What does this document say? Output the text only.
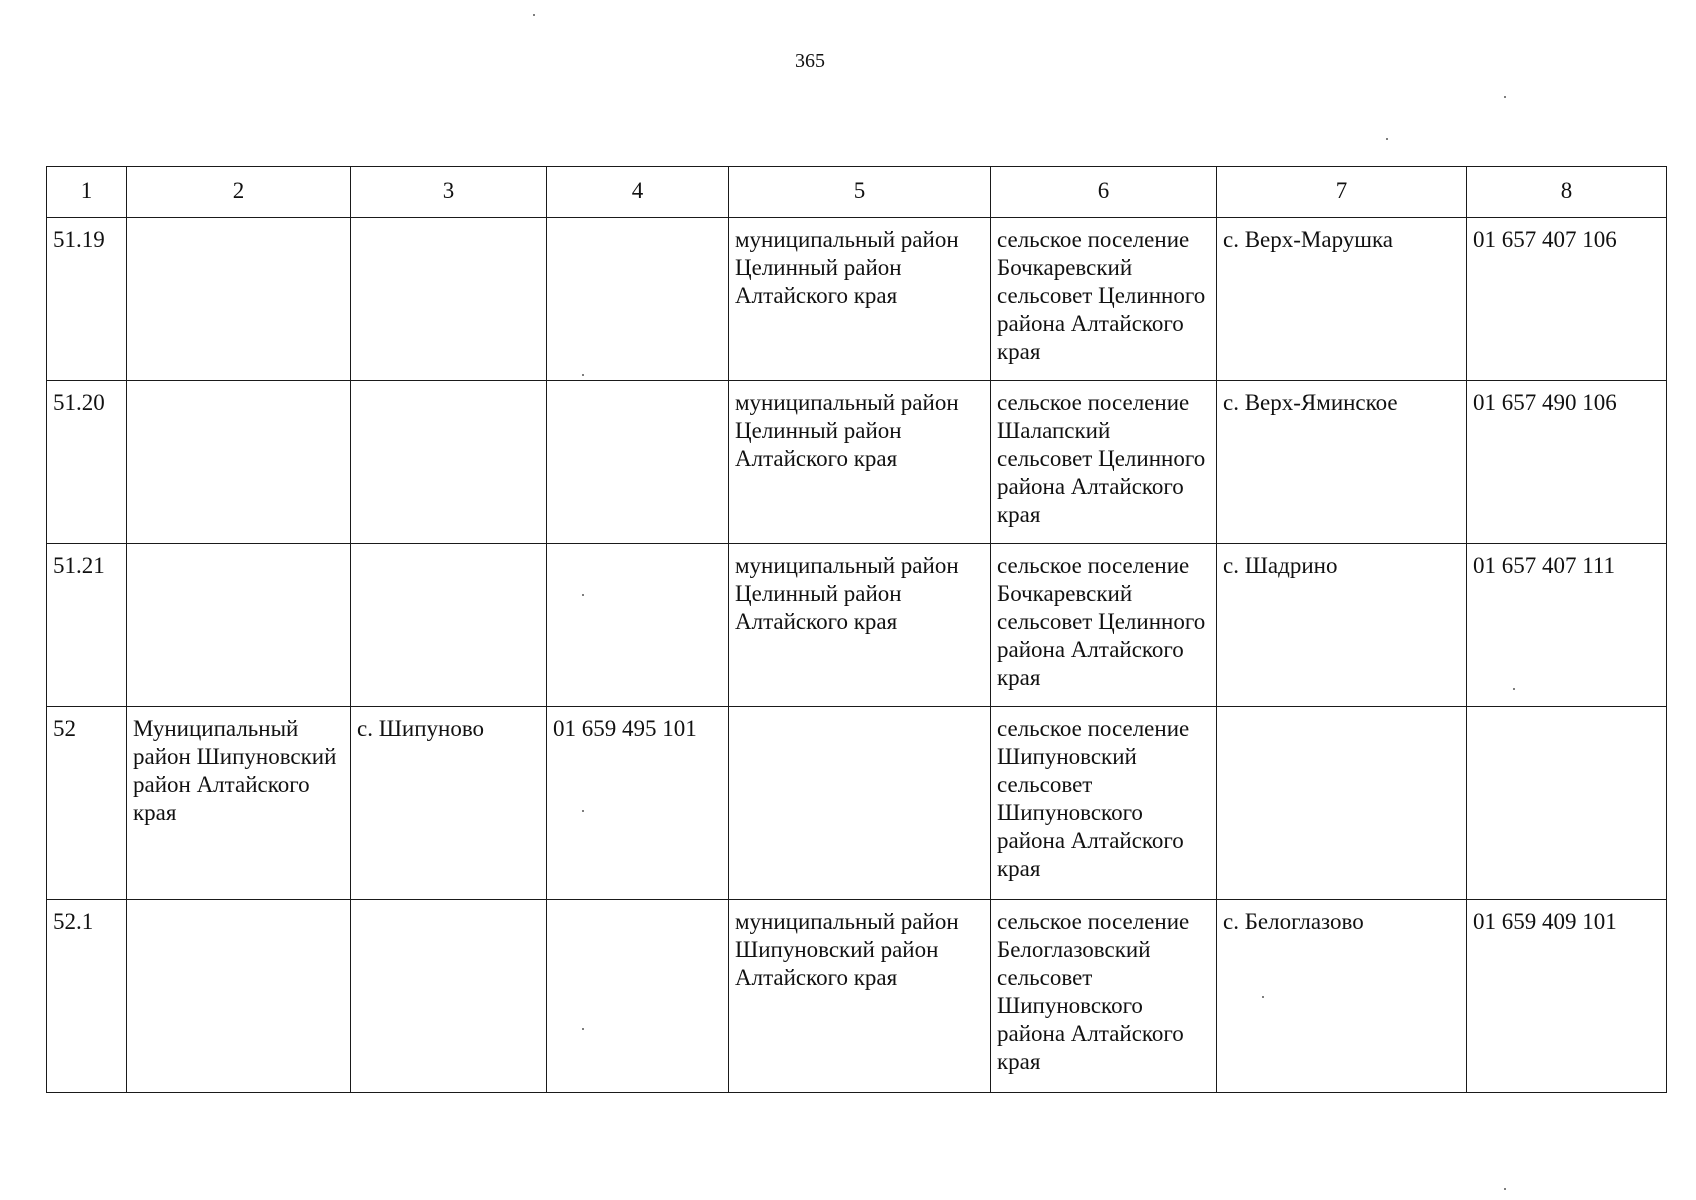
365
1	2	3	4	5	6	7	8
51.19				муниципальный район Целинный район Алтайского края	сельское поселение Бочкаревский сельсовет Целинного района Алтайского края	с. Верх-Марушка	01 657 407 106
51.20				муниципальный район Целинный район Алтайского края	сельское поселение Шалапский сельсовет Целинного района Алтайского края	с. Верх-Яминское	01 657 490 106
51.21				муниципальный район Целинный район Алтайского края	сельское поселение Бочкаревский сельсовет Целинного района Алтайского края	с. Шадрино	01 657 407 111
52	Муниципальный район Шипуновский район Алтайского края	с. Шипуново	01 659 495 101		сельское поселение Шипуновский сельсовет Шипуновского района Алтайского края		
52.1				муниципальный район Шипуновский район Алтайского края	сельское поселение Белоглазовский сельсовет Шипуновского района Алтайского края	с. Белоглазово	01 659 409 101
